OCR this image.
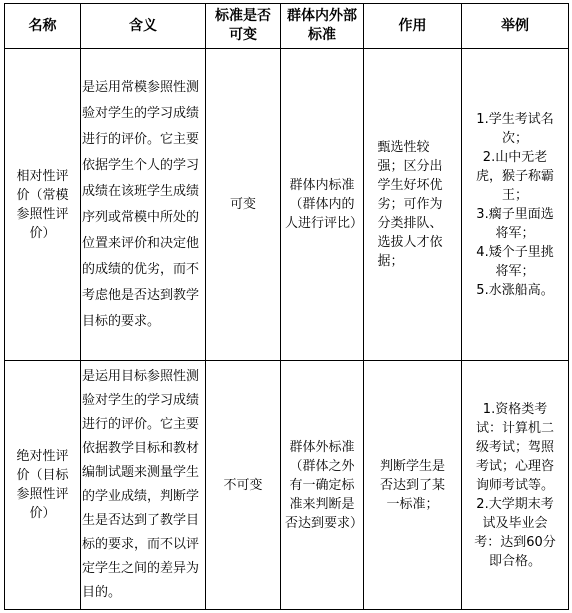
名称	含义	标准是否可变	群体内外部标准	作用	举例

相对性评价（常模参照性评价）	是运用常模参照性测验对学生的学习成绩进行的评价。它主要依据学生个人的学习成绩在该班学生成绩序列或常模中所处的位置来评价和决定他的成绩的优劣，而不考虑他是否达到教学目标的要求。	可变	群体内标准（群体内的人进行评比）	甄选性较强；区分出学生好坏优劣；可作为分类排队、选拔人才依据；	1.学生考试名次；
2.山中无老虎，猴子称霸王；
3.瘸子里面选将军；
4.矮个子里挑将军；
5.水涨船高。

绝对性评价（目标参照性评价）	是运用目标参照性测验对学生的学习成绩进行的评价。它主要依据教学目标和教材编制试题来测量学生的学业成绩，判断学生是否达到了教学目标的要求，而不以评定学生之间的差异为目的。	不可变	群体外标准（群体之外有一确定标准来判断是否达到要求）	判断学生是否达到了某一标准；	1.资格类考试：计算机二级考试；驾照考试；心理咨询师考试等。
2.大学期末考试及毕业会考：达到60分即合格。
